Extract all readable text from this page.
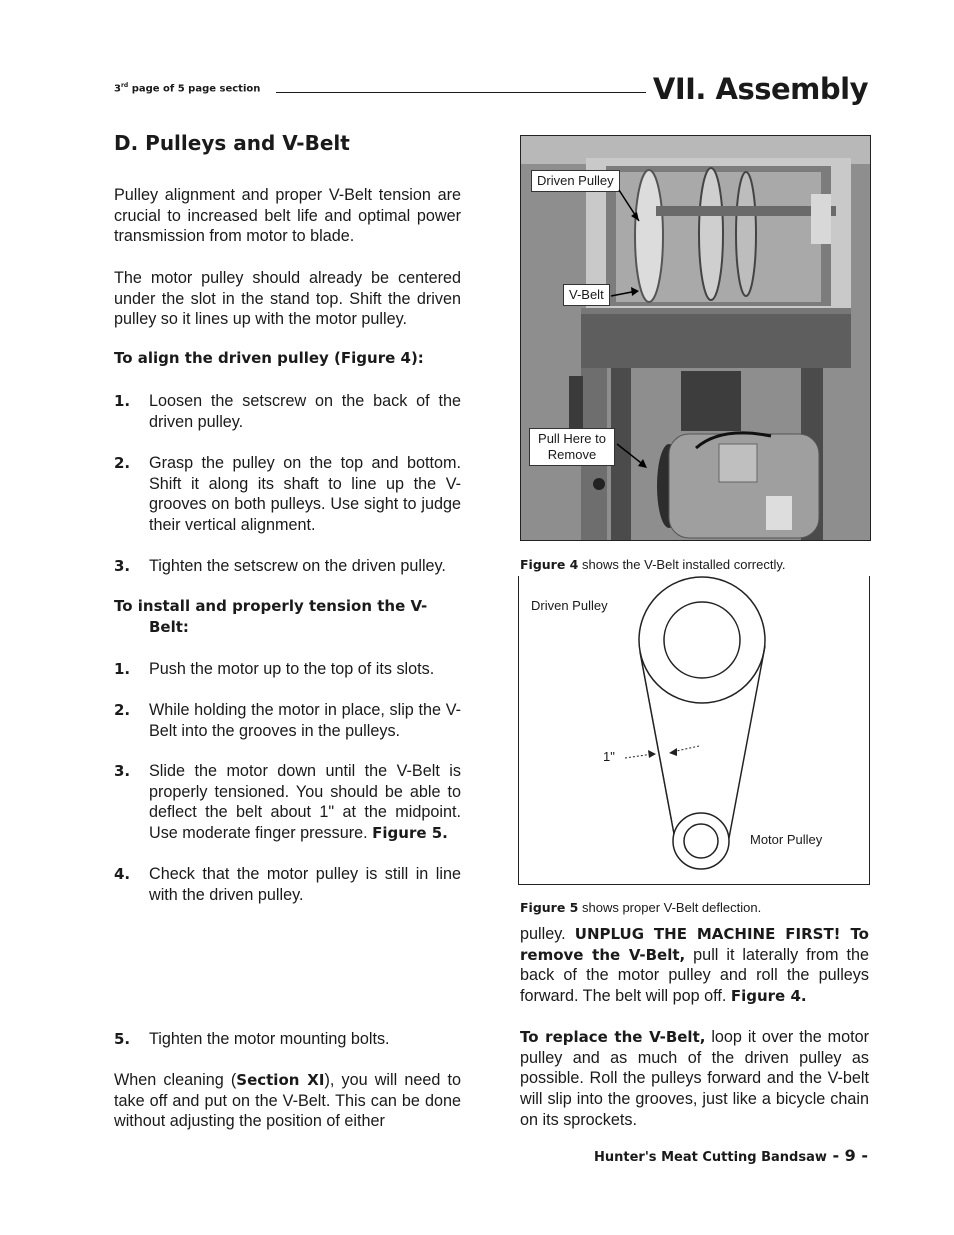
3rd page of 5 page section	VII. Assembly
D. Pulleys and V-Belt
Pulley alignment and proper V-Belt tension are crucial to increased belt life and optimal power transmission from motor to blade.
The motor pulley should already be centered under the slot in the stand top. Shift the driven pulley so it lines up with the motor pulley.
To align the driven pulley (Figure 4):
1. Loosen the setscrew on the back of the driven pulley.
2. Grasp the pulley on the top and bottom. Shift it along its shaft to line up the V-grooves on both pulleys. Use sight to judge their vertical alignment.
3. Tighten the setscrew on the driven pulley.
To install and properly tension the V-
Belt:
1. Push the motor up to the top of its slots.
2. While holding the motor in place, slip the V-Belt into the grooves in the pulleys.
3. Slide the motor down until the V-Belt is properly tensioned. You should be able to deflect the belt about 1" at the midpoint. Use moderate finger pressure. Figure 5.
4. Check that the motor pulley is still in line with the driven pulley.
5. Tighten the motor mounting bolts.
When cleaning (Section XI), you will need to take off and put on the V-Belt. This can be done without adjusting the position of either
Driven Pulley
V-Belt
Pull Here to Remove
Figure 4 shows the V-Belt installed correctly.
Driven Pulley
1"
Motor Pulley
Figure 5 shows proper V-Belt deflection.
pulley. UNPLUG THE MACHINE FIRST! To remove the V-Belt, pull it laterally from the back of the motor pulley and roll the pulleys forward. The belt will pop off. Figure 4.
To replace the V-Belt, loop it over the motor pulley and as much of the driven pulley as possible. Roll the pulleys forward and the V-belt will slip into the grooves, just like a bicycle chain on its sprockets.
Hunter's Meat Cutting Bandsaw - 9 -
